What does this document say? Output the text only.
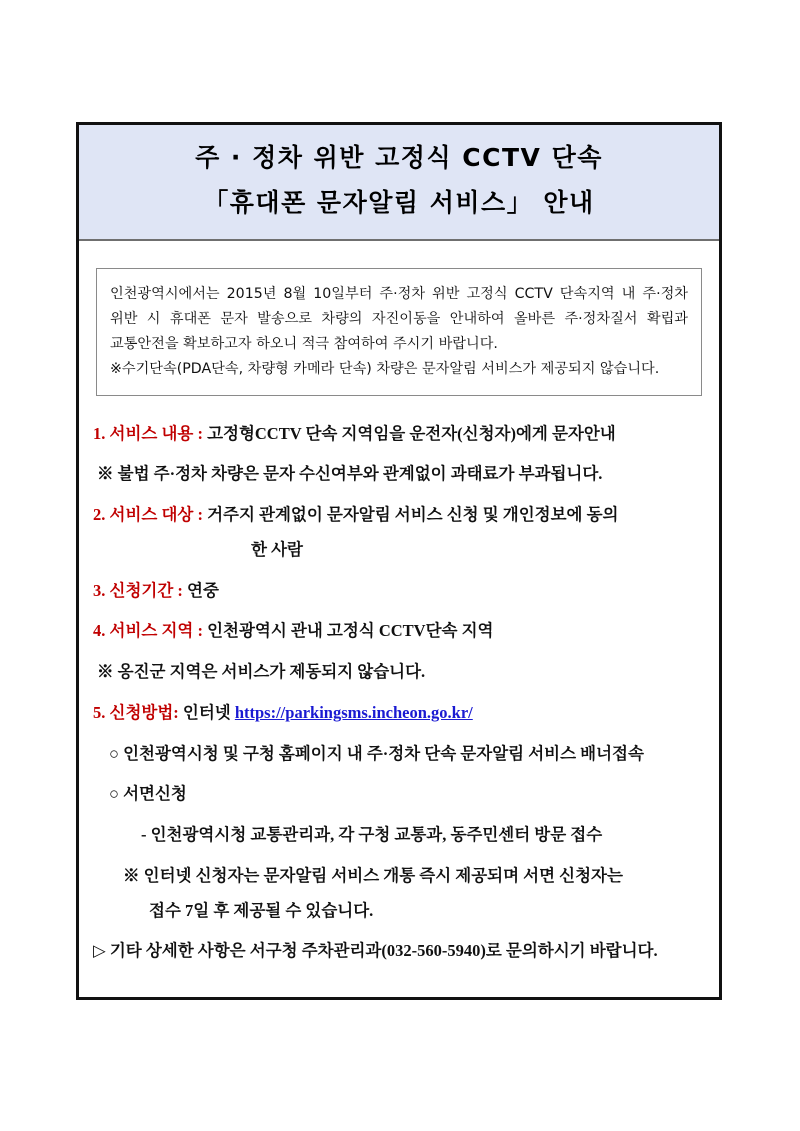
주 · 정차 위반 고정식 CCTV 단속
「휴대폰 문자알림 서비스」 안내

인천광역시에서는 2015년 8월 10일부터 주·정차 위반 고정식 CCTV 단속지역 내 주·정차 위반 시 휴대폰 문자 발송으로 차량의 자진이동을 안내하여 올바른 주·정차질서 확립과 교통안전을 확보하고자 하오니 적극 참여하여 주시기 바랍니다.

※수기단속(PDA단속, 차량형 카메라 단속) 차량은 문자알림 서비스가 제공되지 않습니다.

1. 서비스 내용 : 고정형CCTV 단속 지역임을 운전자(신청자)에게 문자안내
※ 불법 주·정차 차량은 문자 수신여부와 관계없이 과태료가 부과됩니다.
2. 서비스 대상 : 거주지 관계없이 문자알림 서비스 신청 및 개인정보에 동의
한 사람
3. 신청기간 : 연중
4. 서비스 지역 : 인천광역시 관내 고정식 CCTV단속 지역
※ 옹진군 지역은 서비스가 제동되지 않습니다.
5. 신청방법: 인터넷 https://parkingsms.incheon.go.kr/
○ 인천광역시청 및 구청 홈페이지 내 주·정차 단속 문자알림 서비스 배너접속
○ 서면신청
- 인천광역시청 교통관리과, 각 구청 교통과, 동주민센터 방문 접수
※ 인터넷 신청자는 문자알림 서비스 개통 즉시 제공되며 서면 신청자는
접수 7일 후 제공될 수 있습니다.
▷ 기타 상세한 사항은 서구청 주차관리과(032-560-5940)로 문의하시기 바랍니다.
